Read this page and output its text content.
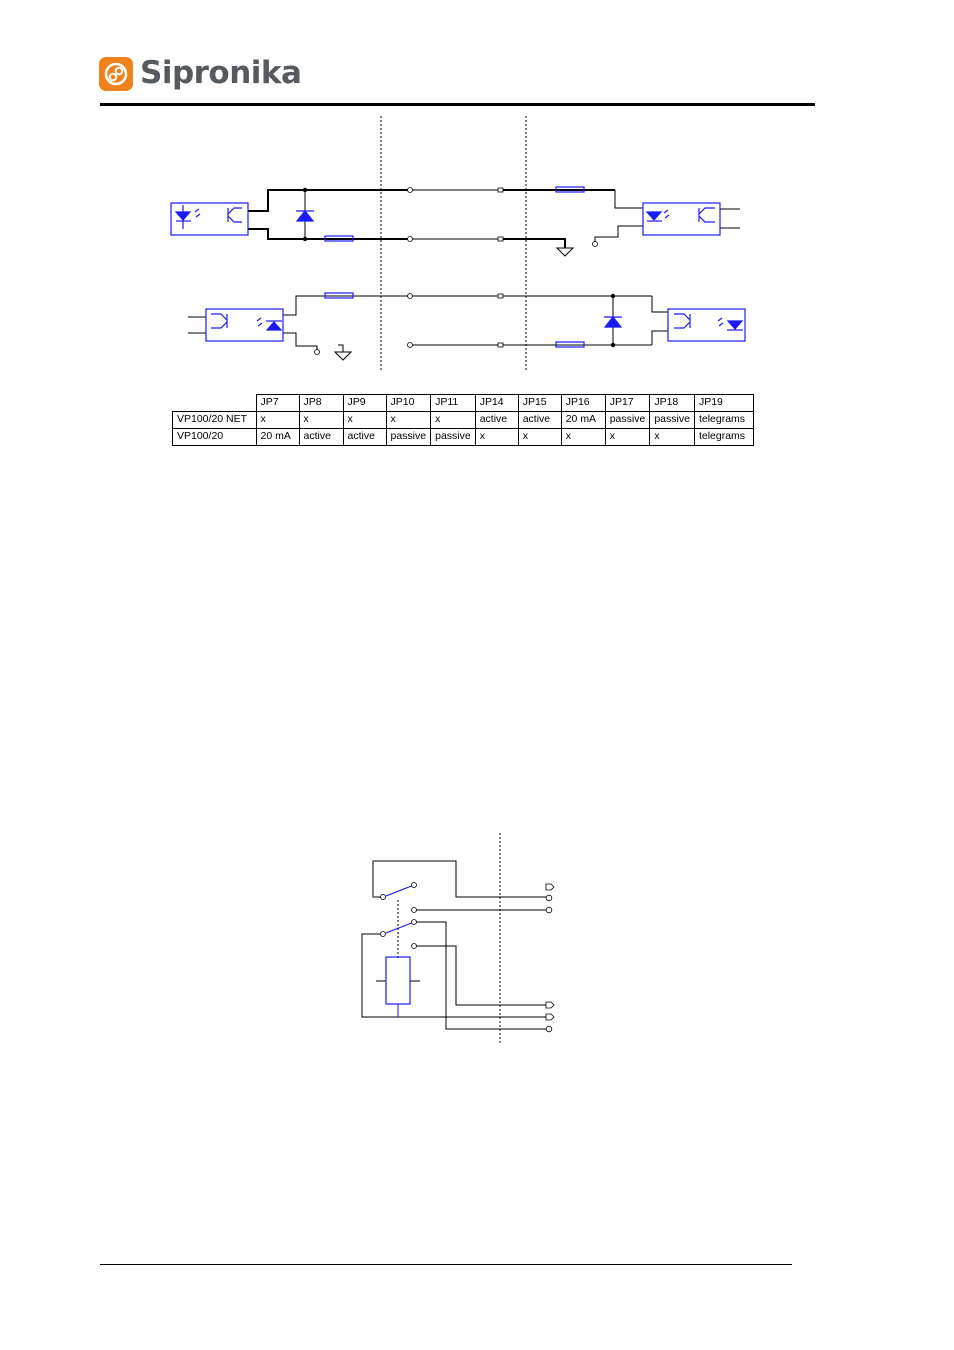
Sipronika
	JP7	JP8	JP9	JP10	JP11	JP14	JP15	JP16	JP17	JP18	JP19
VP100/20 NET	x	x	x	x	x	active	active	20 mA	passive	passive	telegrams
VP100/20	20 mA	active	active	passive	passive	x	x	x	x	x	telegrams
